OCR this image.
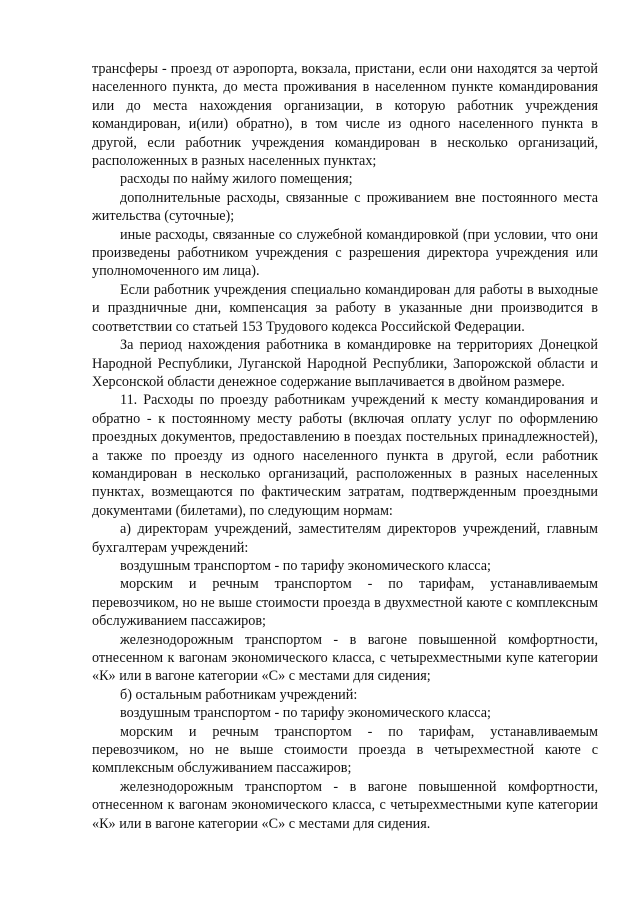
трансферы - проезд от аэропорта, вокзала, пристани, если они находятся за чертой населенного пункта, до места проживания в населенном пункте командирования или до места нахождения организации, в которую работник учреждения командирован, и(или) обратно), в том числе из одного населенного пункта в другой, если работник учреждения командирован в несколько организаций, расположенных в разных населенных пунктах;

расходы по найму жилого помещения;

дополнительные расходы, связанные с проживанием вне постоянного места жительства (суточные);

иные расходы, связанные со служебной командировкой (при условии, что они произведены работником учреждения с разрешения директора учреждения или уполномоченного им лица).

Если работник учреждения специально командирован для работы в выходные и праздничные дни, компенсация за работу в указанные дни производится в соответствии со статьей 153 Трудового кодекса Российской Федерации.

За период нахождения работника в командировке на территориях Донецкой Народной Республики, Луганской Народной Республики, Запорожской области и Херсонской области денежное содержание выплачивается в двойном размере.

11. Расходы по проезду работникам учреждений к месту командирования и обратно - к постоянному месту работы (включая оплату услуг по оформлению проездных документов, предоставлению в поездах постельных принадлежностей), а также по проезду из одного населенного пункта в другой, если работник командирован в несколько организаций, расположенных в разных населенных пунктах, возмещаются по фактическим затратам, подтвержденным проездными документами (билетами), по следующим нормам:

а) директорам учреждений, заместителям директоров учреждений, главным бухгалтерам учреждений:

воздушным транспортом - по тарифу экономического класса;

морским и речным транспортом - по тарифам, устанавливаемым перевозчиком, но не выше стоимости проезда в двухместной каюте с комплексным обслуживанием пассажиров;

железнодорожным транспортом - в вагоне повышенной комфортности, отнесенном к вагонам экономического класса, с четырехместными купе категории «К» или в вагоне категории «С» с местами для сидения;

б) остальным работникам учреждений:

воздушным транспортом - по тарифу экономического класса;

морским и речным транспортом - по тарифам, устанавливаемым перевозчиком, но не выше стоимости проезда в четырехместной каюте с комплексным обслуживанием пассажиров;

железнодорожным транспортом - в вагоне повышенной комфортности, отнесенном к вагонам экономического класса, с четырехместными купе категории «К» или в вагоне категории «С» с местами для сидения.
